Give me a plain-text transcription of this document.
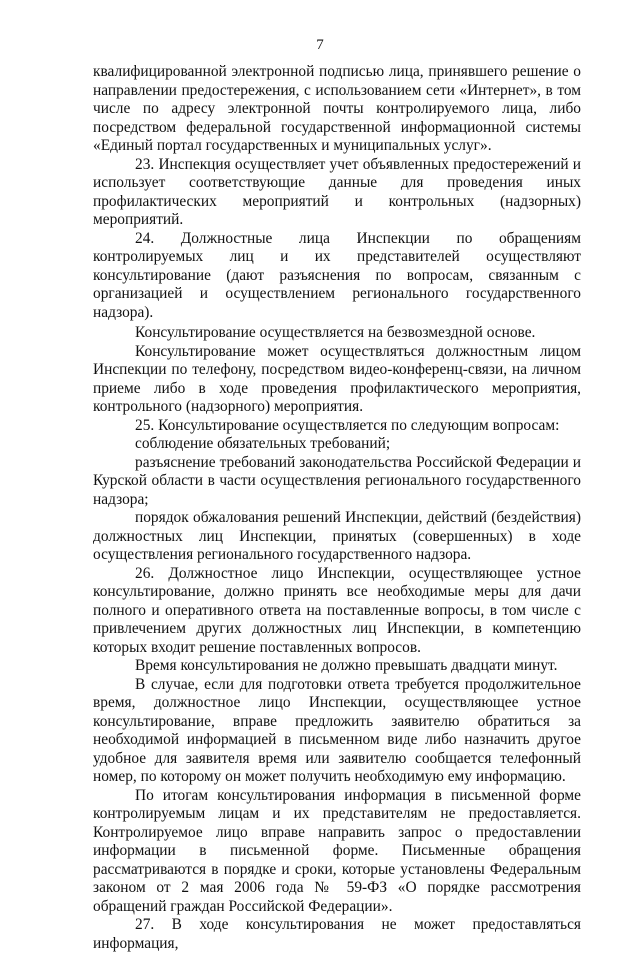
7

квалифицированной электронной подписью лица, принявшего решение о направлении предостережения, с использованием сети «Интернет», в том числе по адресу электронной почты контролируемого лица, либо посредством федеральной государственной информационной системы «Единый портал государственных и муниципальных услуг».

23. Инспекция осуществляет учет объявленных предостережений и использует соответствующие данные для проведения иных профилактических мероприятий и контрольных (надзорных) мероприятий.

24. Должностные лица Инспекции по обращениям контролируемых лиц и их представителей осуществляют консультирование (дают разъяснения по вопросам, связанным с организацией и осуществлением регионального государственного надзора).

Консультирование осуществляется на безвозмездной основе.

Консультирование может осуществляться должностным лицом Инспекции по телефону, посредством видео-конференц-связи, на личном приеме либо в ходе проведения профилактического мероприятия, контрольного (надзорного) мероприятия.

25. Консультирование осуществляется по следующим вопросам:

соблюдение обязательных требований;

разъяснение требований законодательства Российской Федерации и Курской области в части осуществления регионального государственного надзора;

порядок обжалования решений Инспекции, действий (бездействия) должностных лиц Инспекции, принятых (совершенных) в ходе осуществления регионального государственного надзора.

26. Должностное лицо Инспекции, осуществляющее устное консультирование, должно принять все необходимые меры для дачи полного и оперативного ответа на поставленные вопросы, в том числе с привлечением других должностных лиц Инспекции, в компетенцию которых входит решение поставленных вопросов.

Время консультирования не должно превышать двадцати минут.

В случае, если для подготовки ответа требуется продолжительное время, должностное лицо Инспекции, осуществляющее устное консультирование, вправе предложить заявителю обратиться за необходимой информацией в письменном виде либо назначить другое удобное для заявителя время или заявителю сообщается телефонный номер, по которому он может получить необходимую ему информацию.

По итогам консультирования информация в письменной форме контролируемым лицам и их представителям не предоставляется. Контролируемое лицо вправе направить запрос о предоставлении информации в письменной форме. Письменные обращения рассматриваются в порядке и сроки, которые установлены Федеральным законом от 2 мая 2006 года № 59-ФЗ «О порядке рассмотрения обращений граждан Российской Федерации».

27. В ходе консультирования не может предоставляться информация,
